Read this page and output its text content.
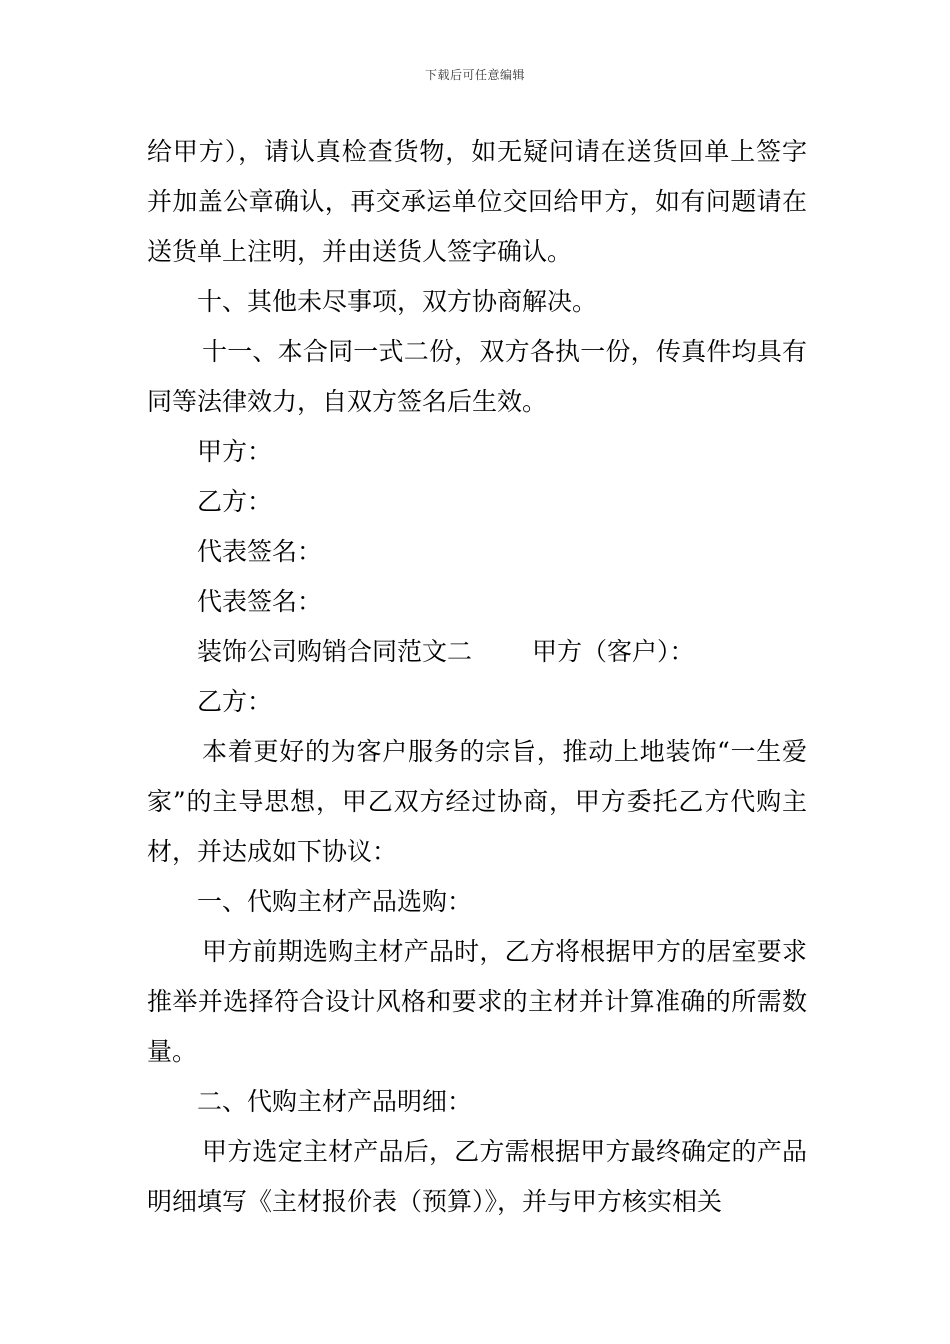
下载后可任意编辑

给甲方），请认真检查货物，如无疑问请在送货回单上签字并加盖公章确认，再交承运单位交回给甲方，如有问题请在送货单上注明，并由送货人签字确认。

十、其他未尽事项，双方协商解决。

十一、本合同一式二份，双方各执一份，传真件均具有同等法律效力，自双方签名后生效。

甲方：

乙方：

代表签名：

代表签名：

装饰公司购销合同范文二 甲方（客户）：

乙方：

本着更好的为客户服务的宗旨，推动上地装饰“一生爱家”的主导思想，甲乙双方经过协商，甲方委托乙方代购主材，并达成如下协议：

一、代购主材产品选购：

甲方前期选购主材产品时，乙方将根据甲方的居室要求推举并选择符合设计风格和要求的主材并计算准确的所需数量。

二、代购主材产品明细：

甲方选定主材产品后，乙方需根据甲方最终确定的产品明细填写《主材报价表（预算）》，并与甲方核实相关
